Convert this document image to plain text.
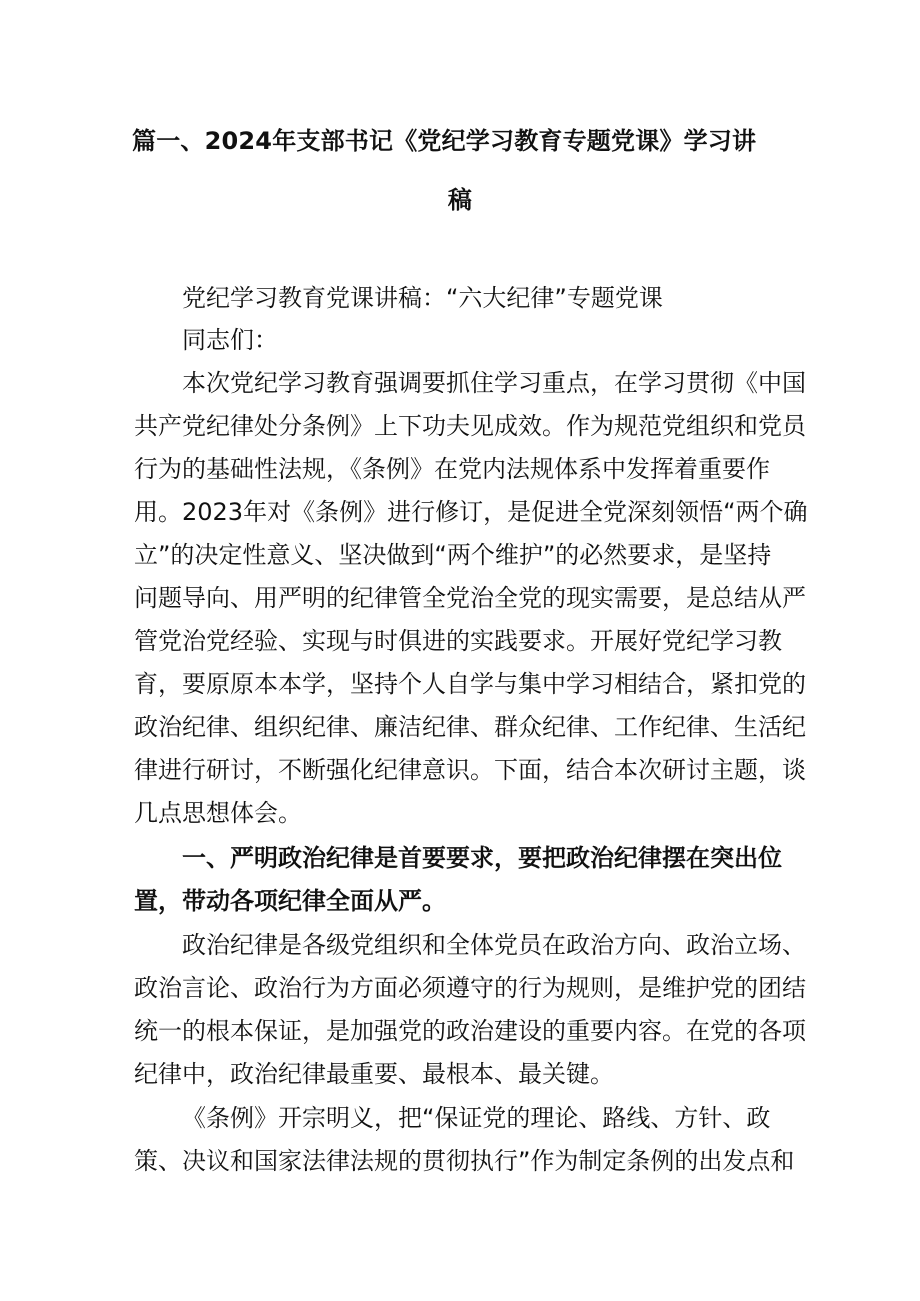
篇一、2024年支部书记《党纪学习教育专题党课》学习讲
稿
党纪学习教育党课讲稿：“六大纪律”专题党课
同志们：
本次党纪学习教育强调要抓住学习重点，在学习贯彻《中国
共产党纪律处分条例》上下功夫见成效。作为规范党组织和党员
行为的基础性法规，《条例》在党内法规体系中发挥着重要作
用。2023年对《条例》进行修订，是促进全党深刻领悟“两个确
立”的决定性意义、坚决做到“两个维护”的必然要求，是坚持
问题导向、用严明的纪律管全党治全党的现实需要，是总结从严
管党治党经验、实现与时俱进的实践要求。开展好党纪学习教
育，要原原本本学，坚持个人自学与集中学习相结合，紧扣党的
政治纪律、组织纪律、廉洁纪律、群众纪律、工作纪律、生活纪
律进行研讨，不断强化纪律意识。下面，结合本次研讨主题，谈
几点思想体会。
一、严明政治纪律是首要要求，要把政治纪律摆在突出位
置，带动各项纪律全面从严。
政治纪律是各级党组织和全体党员在政治方向、政治立场、
政治言论、政治行为方面必须遵守的行为规则，是维护党的团结
统一的根本保证，是加强党的政治建设的重要内容。在党的各项
纪律中，政治纪律最重要、最根本、最关键。
《条例》开宗明义，把“保证党的理论、路线、方针、政
策、决议和国家法律法规的贯彻执行”作为制定条例的出发点和
